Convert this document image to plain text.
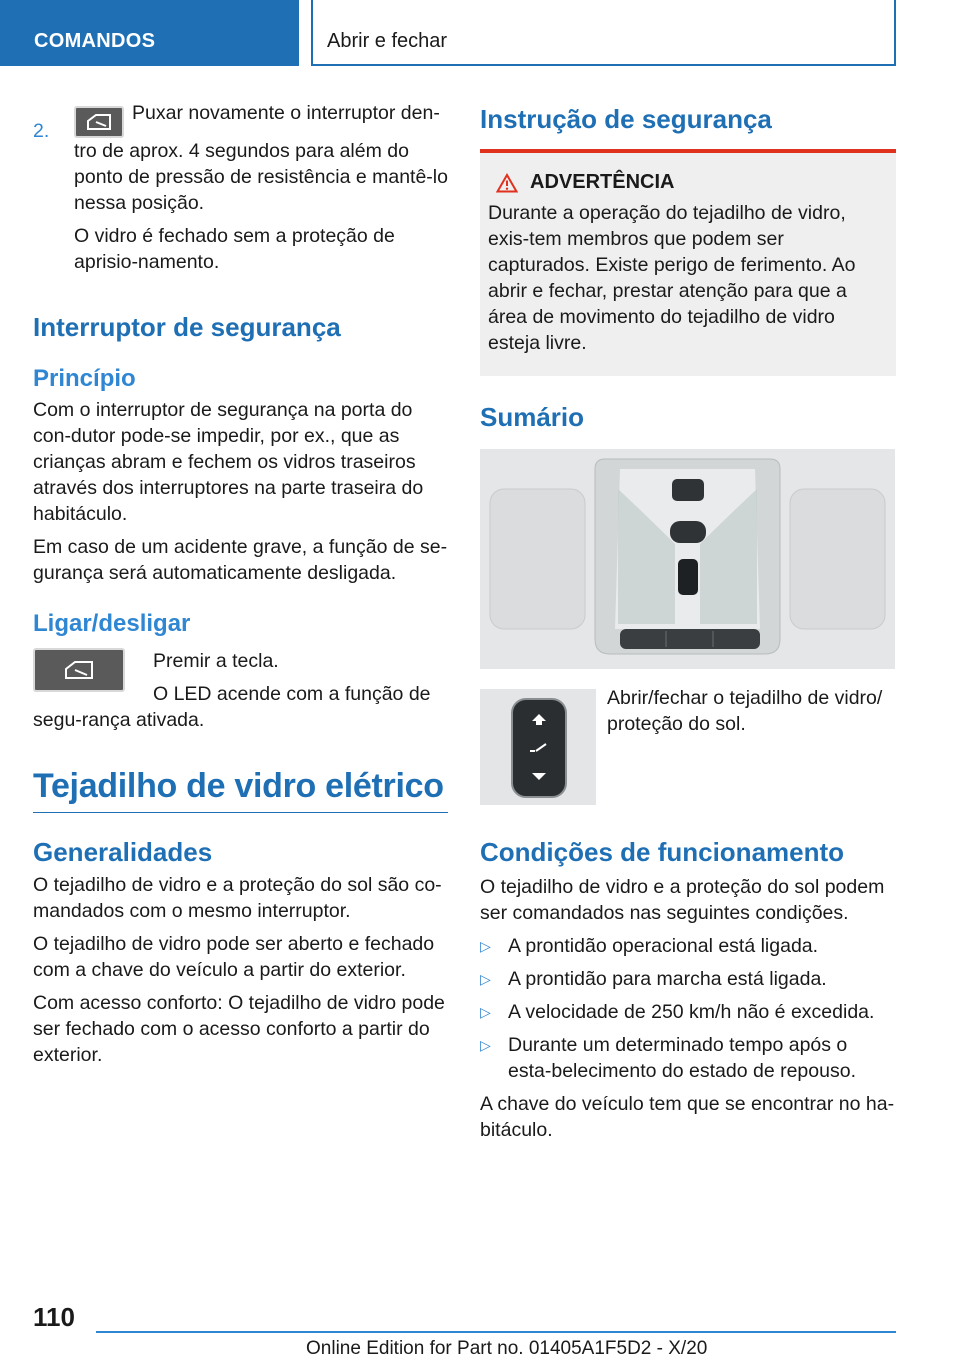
COMANDOS	Abrir e fechar
2.

Puxar novamente o interruptor den-tro de aprox. 4 segundos para além do ponto de pressão de resistência e mantê-lo nessa posição.

O vidro é fechado sem a proteção de aprisio-namento.

Interruptor de segurança
Princípio

Com o interruptor de segurança na porta do con-dutor pode-se impedir, por ex., que as crianças abram e fechem os vidros traseiros através dos interruptores na parte traseira do habitáculo.

Em caso de um acidente grave, a função de se-gurança será automaticamente desligada.

Ligar/desligar

Premir a tecla.

O LED acende com a função de segu-rança ativada.

Tejadilho de vidro elétrico
Generalidades

O tejadilho de vidro e a proteção do sol são co-mandados com o mesmo interruptor.

O tejadilho de vidro pode ser aberto e fechado com a chave do veículo a partir do exterior.

Com acesso conforto: O tejadilho de vidro pode ser fechado com o acesso conforto a partir do exterior.

Instrução de segurança
ADVERTÊNCIA

Durante a operação do tejadilho de vidro, exis-tem membros que podem ser capturados. Existe perigo de ferimento. Ao abrir e fechar, prestar atenção para que a área de movimento do tejadilho de vidro esteja livre.

Sumário

Abrir/fechar o tejadilho de vidro/ proteção do sol.

Condições de funcionamento

O tejadilho de vidro e a proteção do sol podem ser comandados nas seguintes condições.

▷ A prontidão operacional está ligada.
▷ A prontidão para marcha está ligada.
▷ A velocidade de 250 km/h não é excedida.
▷ Durante um determinado tempo após o esta-belecimento do estado de repouso.

A chave do veículo tem que se encontrar no ha-bitáculo.

110
Online Edition for Part no. 01405A1F5D2 - X/20
